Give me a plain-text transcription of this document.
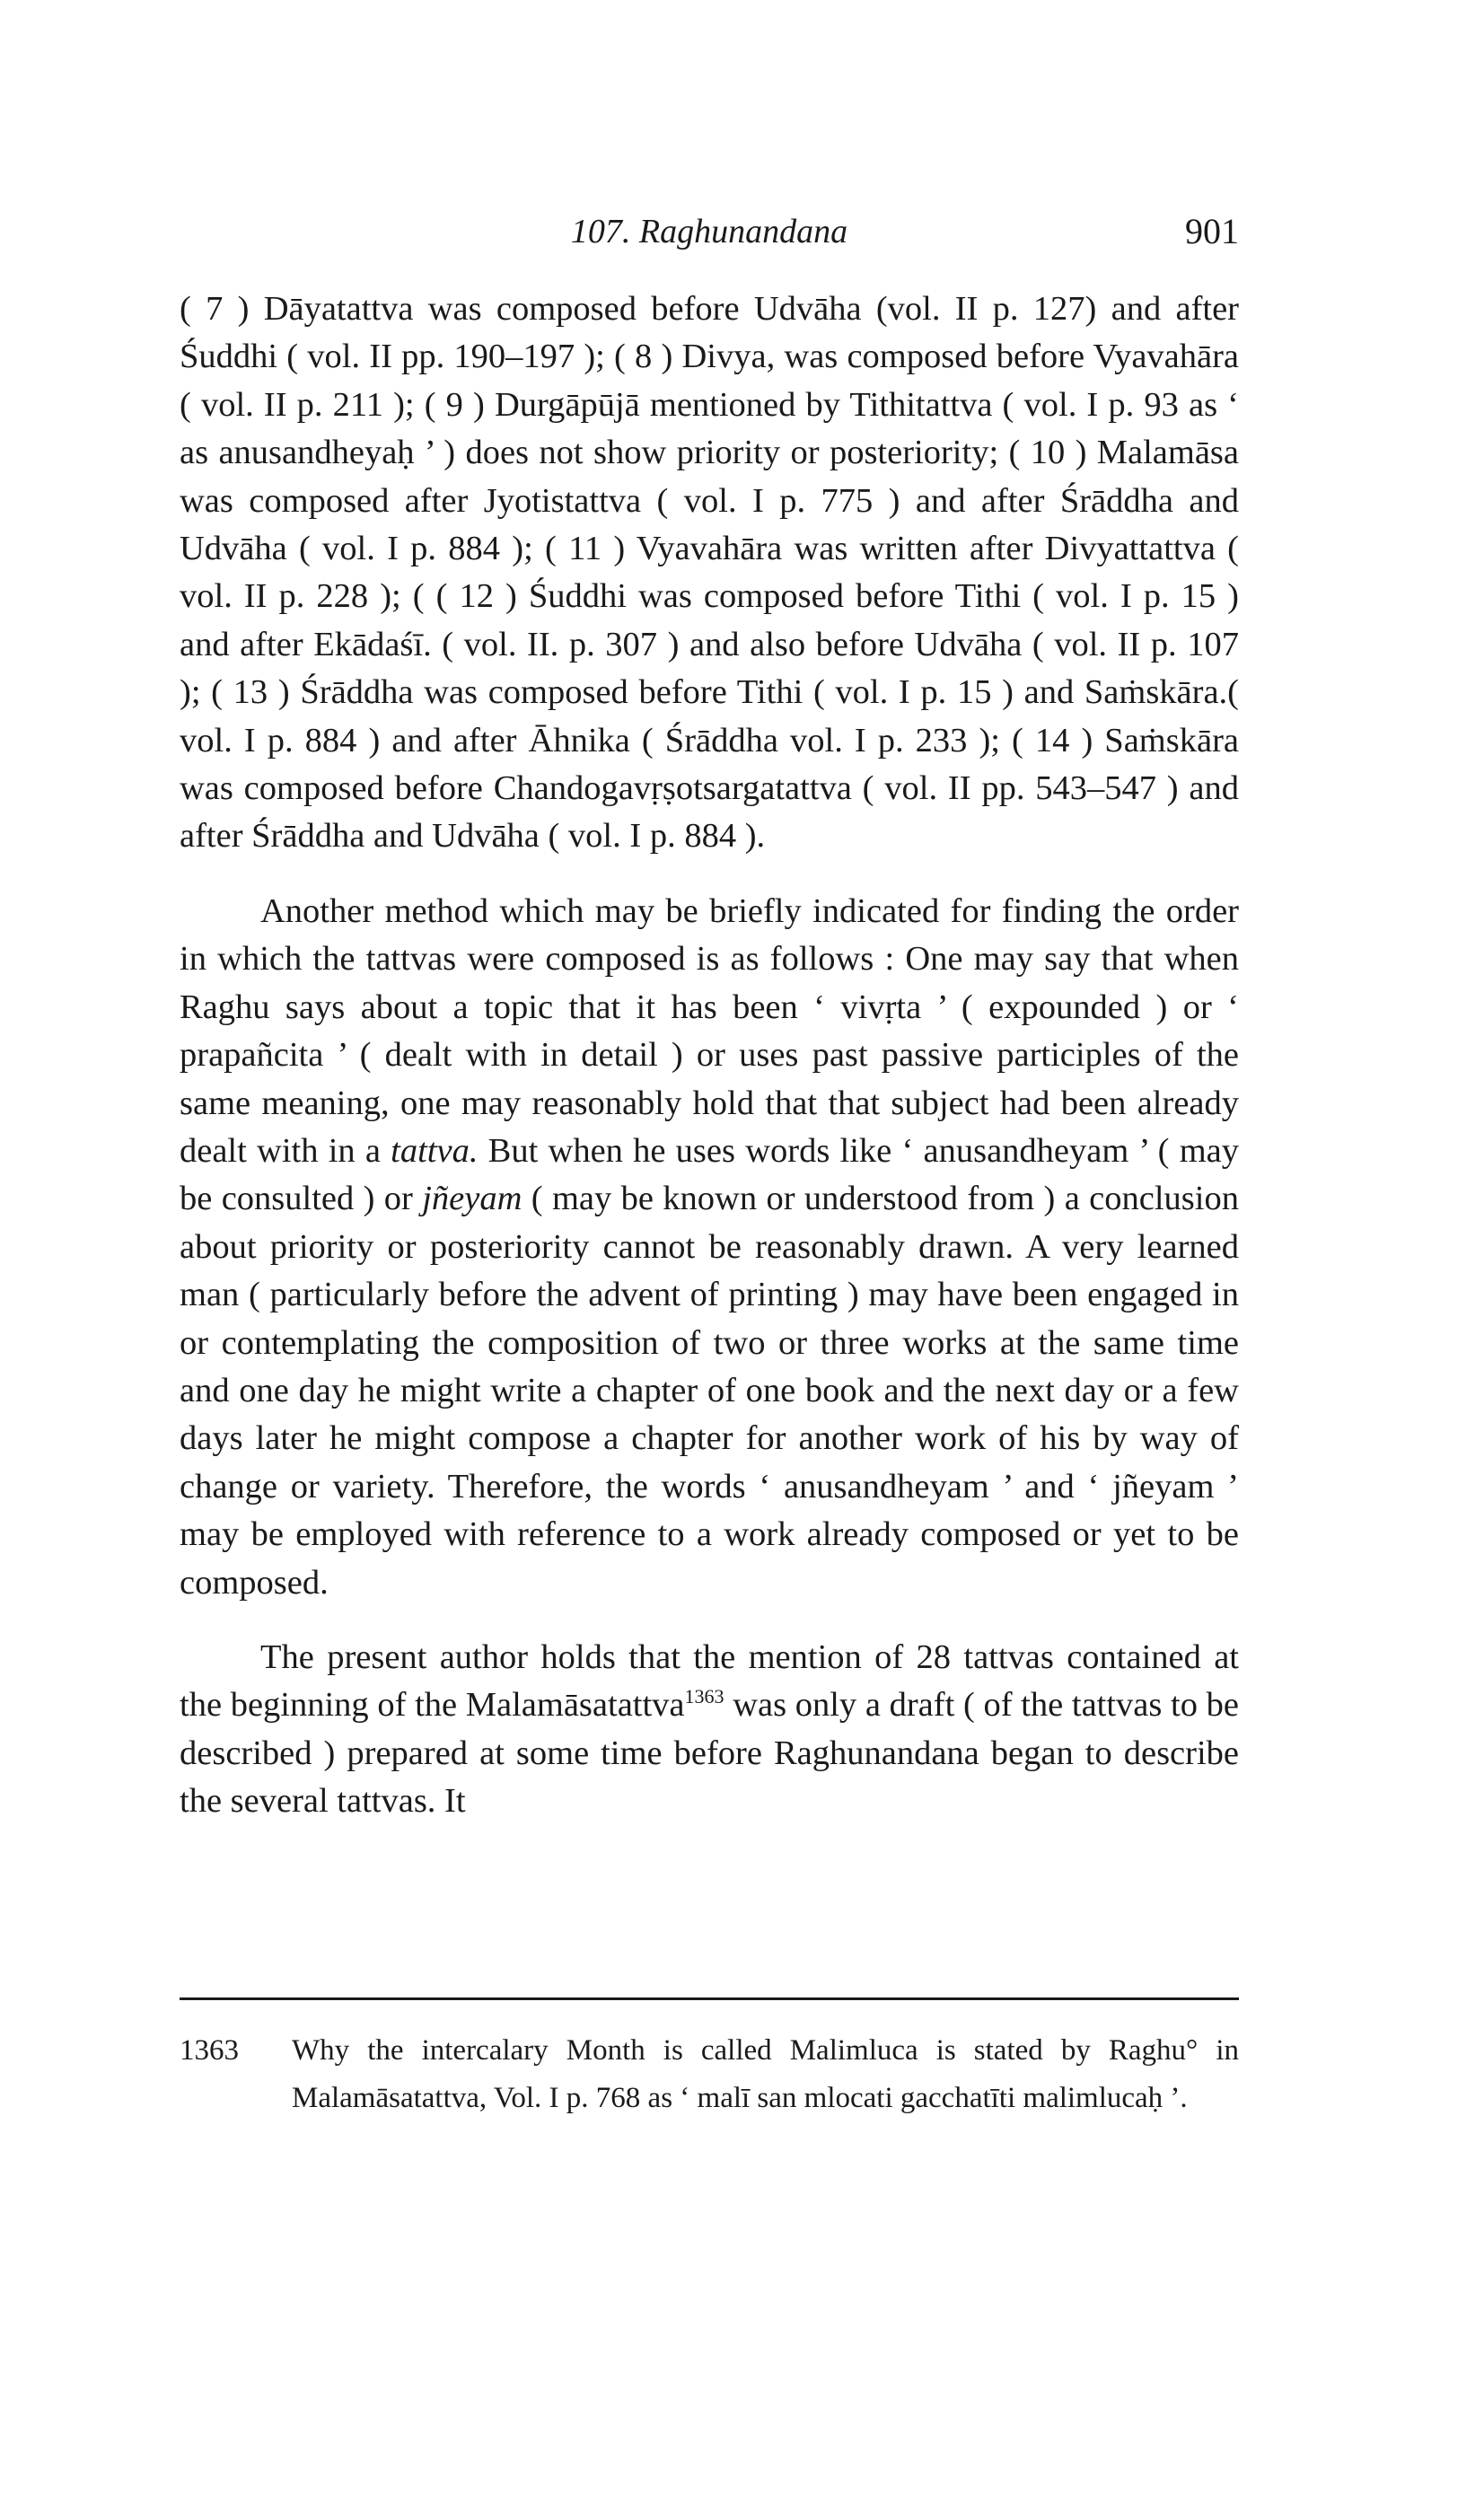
107. Raghunandana	901

( 7 ) Dāyatattva was composed before Udvāha (vol. II p. 127) and after Śuddhi ( vol. II pp. 190–197 ); ( 8 ) Divya, was composed before Vyavahāra ( vol. II p. 211 ); ( 9 ) Durgāpūjā mentioned by Tithitattva ( vol. I p. 93 as ‘ as anusandheyaḥ ’ ) does not show priority or posteriority; ( 10 ) Malamāsa was composed after Jyotistattva ( vol. I p. 775 ) and after Śrāddha and Udvāha ( vol. I p. 884 ); ( 11 ) Vyavahāra was written after Divyattattva ( vol. II p. 228 ); ( ( 12 ) Śuddhi was composed before Tithi ( vol. I p. 15 ) and after Ekādaśī. ( vol. II. p. 307 ) and also before Udvāha ( vol. II p. 107 ); ( 13 ) Śrāddha was composed before Tithi ( vol. I p. 15 ) and Saṁskāra.( vol. I p. 884 ) and after Āhnika ( Śrāddha vol. I p. 233 ); ( 14 ) Saṁskāra was composed before Chandogavṛṣotsargatattva ( vol. II pp. 543–547 ) and after Śrāddha and Udvāha ( vol. I p. 884 ).

Another method which may be briefly indicated for finding the order in which the tattvas were composed is as follows : One may say that when Raghu says about a topic that it has been ‘ vivṛta ’ ( expounded ) or ‘ prapañcita ’ ( dealt with in detail ) or uses past passive participles of the same meaning, one may reasonably hold that that subject had been already dealt with in a tattva. But when he uses words like ‘ anusandheyam ’ ( may be consulted ) or jñeyam ( may be known or understood from ) a conclusion about priority or posteriority cannot be reasonably drawn. A very learned man ( particularly before the advent of printing ) may have been engaged in or contemplating the composition of two or three works at the same time and one day he might write a chapter of one book and the next day or a few days later he might compose a chapter for another work of his by way of change or variety. Therefore, the words ‘ anusandheyam ’ and ‘ jñeyam ’ may be employed with reference to a work already composed or yet to be composed.

The present author holds that the mention of 28 tattvas contained at the beginning of the Malamāsatattva$^{1363}$ was only a draft ( of the tattvas to be described ) prepared at some time before Raghunandana began to describe the several tattvas. It

1363 Why the intercalary Month is called Malimluca is stated by Raghu° in Malamāsatattva, Vol. I p. 768 as ‘ malī san mlocati gacchatīti malimlucaḥ ’.
